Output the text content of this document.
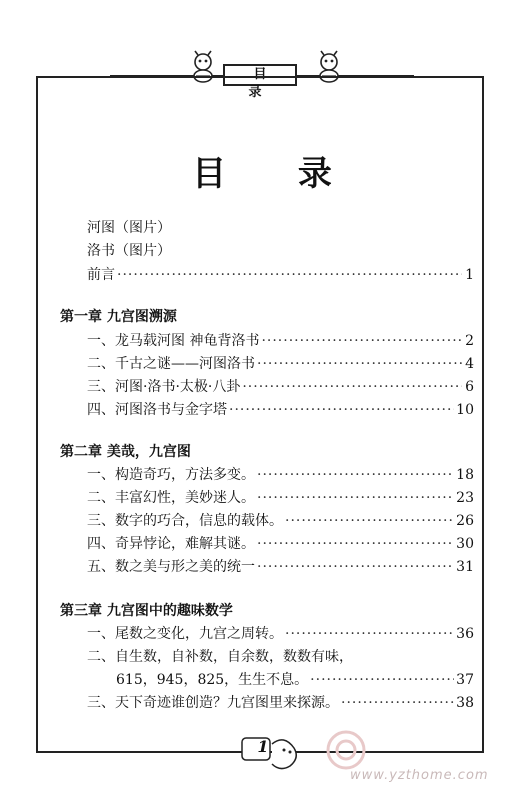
目 录
目 录
河图（图片）
洛书（图片）
前言 ·····	1
第一章 九宫图溯源
一、龙马载河图 神龟背洛书 ·····	2
二、千古之谜——河图洛书 ·····	4
三、河图·洛书·太极·八卦 ·····	6
四、河图洛书与金字塔 ·····	10
第二章 美哉，九宫图
一、构造奇巧，方法多变。 ·····	18
二、丰富幻性，美妙迷人。 ·····	23
三、数字的巧合，信息的载体。 ·····	26
四、奇异悖论，难解其谜。 ·····	30
五、数之美与形之美的统一 ·····	31
第三章 九宫图中的趣味数学
一、尾数之变化，九宫之周转。 ·····	36
二、自生数，自补数，自余数，数数有味，
615，945，825，生生不息。 ·····	37
三、天下奇迹谁创造？九宫图里来探源。 ·····	38
1
www.yzthome.com
